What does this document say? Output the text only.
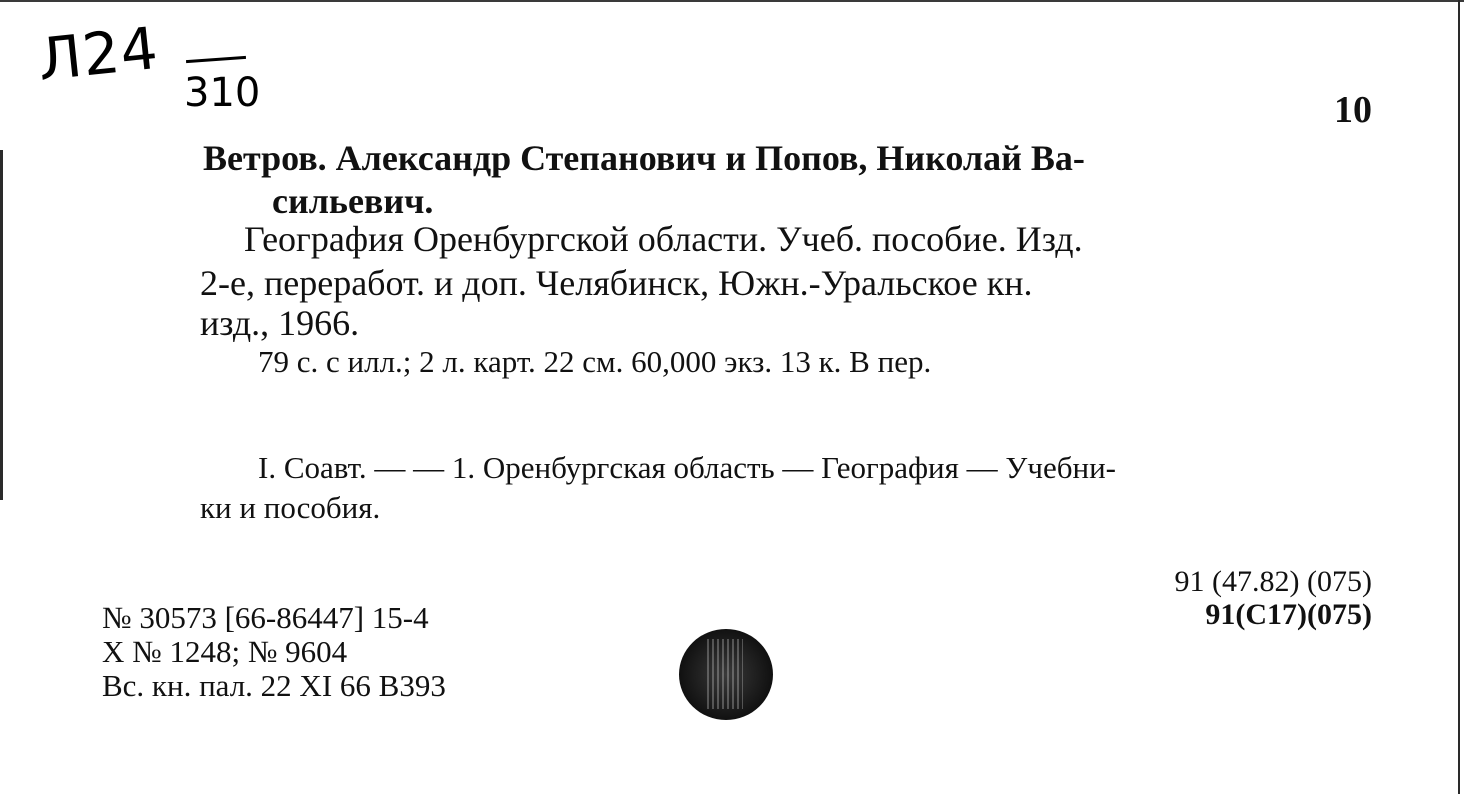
Л24 310	10
Ветров. Александр Степанович и Попов, Николай Ва-
сильевич.
География Оренбургской области. Учеб. пособие. Изд.
2-е, переработ. и доп. Челябинск, Южн.-Уральское кн.
изд., 1966.
79 с. с илл.; 2 л. карт. 22 см. 60,000 экз. 13 к. В пер.
I. Соавт. — — 1. Оренбургская область — География — Учебни-
ки и пособия.
91 (47.82) (075)
91(С17)(075)
№ 30573 [66-86447] 15-4
Х № 1248; № 9604
Вс. кн. пал. 22 XI 66 В393
